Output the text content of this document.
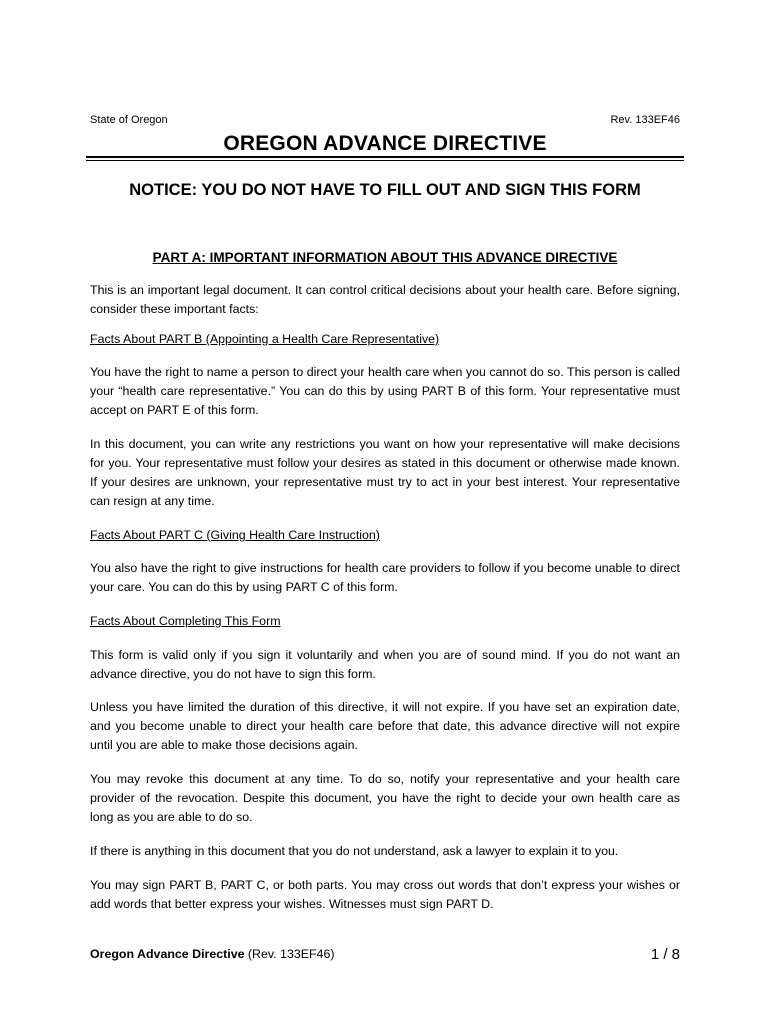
State of Oregon	Rev. 133EF46
OREGON ADVANCE DIRECTIVE
NOTICE: YOU DO NOT HAVE TO FILL OUT AND SIGN THIS FORM
PART A: IMPORTANT INFORMATION ABOUT THIS ADVANCE DIRECTIVE
This is an important legal document. It can control critical decisions about your health care. Before signing, consider these important facts:
Facts About PART B (Appointing a Health Care Representative)
You have the right to name a person to direct your health care when you cannot do so. This person is called your “health care representative.” You can do this by using PART B of this form. Your representative must accept on PART E of this form.
In this document, you can write any restrictions you want on how your representative will make decisions for you. Your representative must follow your desires as stated in this document or otherwise made known. If your desires are unknown, your representative must try to act in your best interest. Your representative can resign at any time.
Facts About PART C (Giving Health Care Instruction)
You also have the right to give instructions for health care providers to follow if you become unable to direct your care. You can do this by using PART C of this form.
Facts About Completing This Form
This form is valid only if you sign it voluntarily and when you are of sound mind. If you do not want an advance directive, you do not have to sign this form.
Unless you have limited the duration of this directive, it will not expire. If you have set an expiration date, and you become unable to direct your health care before that date, this advance directive will not expire until you are able to make those decisions again.
You may revoke this document at any time. To do so, notify your representative and your health care provider of the revocation. Despite this document, you have the right to decide your own health care as long as you are able to do so.
If there is anything in this document that you do not understand, ask a lawyer to explain it to you.
You may sign PART B, PART C, or both parts. You may cross out words that don’t express your wishes or add words that better express your wishes. Witnesses must sign PART D.
Oregon Advance Directive (Rev. 133EF46)	1 / 8
